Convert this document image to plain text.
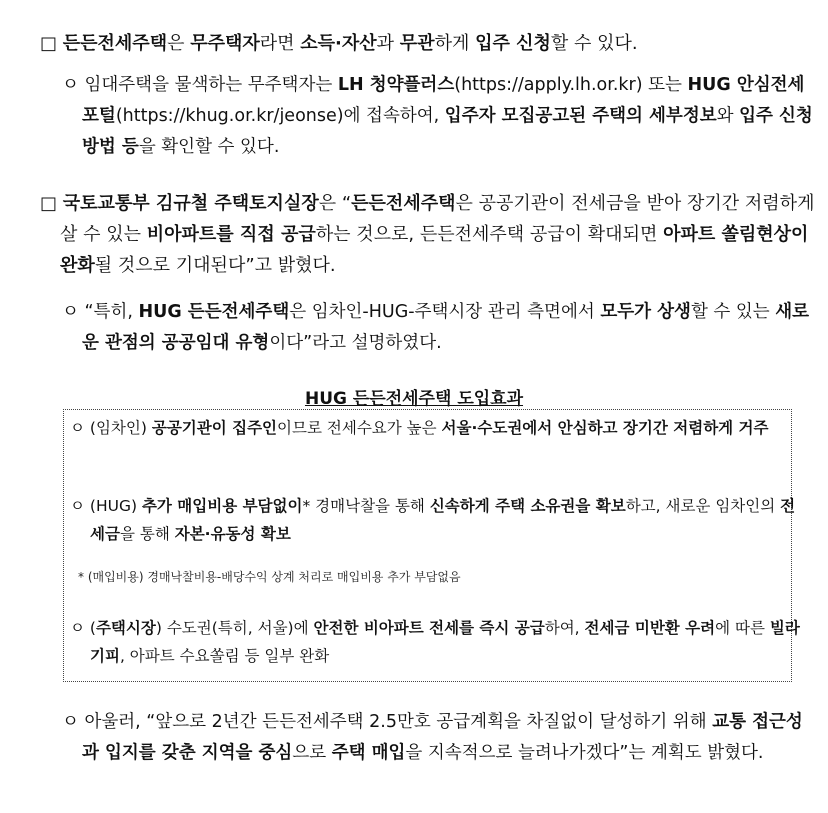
□ 든든전세주택은 무주택자라면 소득·자산과 무관하게 입주 신청할 수 있다.
ㅇ 임대주택을 물색하는 무주택자는 LH 청약플러스(https://apply.lh.or.kr) 또는 HUG 안심전세포털(https://khug.or.kr/jeonse)에 접속하여, 입주자 모집공고된 주택의 세부정보와 입주 신청방법 등을 확인할 수 있다.
□ 국토교통부 김규철 주택토지실장은 “든든전세주택은 공공기관이 전세금을 받아 장기간 저렴하게 살 수 있는 비아파트를 직접 공급하는 것으로, 든든전세주택 공급이 확대되면 아파트 쏠림현상이 완화될 것으로 기대된다”고 밝혔다.
ㅇ “특히, HUG 든든전세주택은 임차인-HUG-주택시장 관리 측면에서 모두가 상생할 수 있는 새로운 관점의 공공임대 유형이다”라고 설명하였다.
HUG 든든전세주택 도입효과
ㅇ (임차인) 공공기관이 집주인이므로 전세수요가 높은 서울·수도권에서 안심하고 장기간 저렴하게 거주
ㅇ (HUG) 추가 매입비용 부담없이* 경매낙찰을 통해 신속하게 주택 소유권을 확보하고, 새로운 임차인의 전세금을 통해 자본·유동성 확보
* (매입비용) 경매낙찰비용-배당수익 상계 처리로 매입비용 추가 부담없음
ㅇ (주택시장) 수도권(특히, 서울)에 안전한 비아파트 전세를 즉시 공급하여, 전세금 미반환 우려에 따른 빌라 기피, 아파트 수요쏠림 등 일부 완화
ㅇ 아울러, “앞으로 2년간 든든전세주택 2.5만호 공급계획을 차질없이 달성하기 위해 교통 접근성과 입지를 갖춘 지역을 중심으로 주택 매입을 지속적으로 늘려나가겠다”는 계획도 밝혔다.
